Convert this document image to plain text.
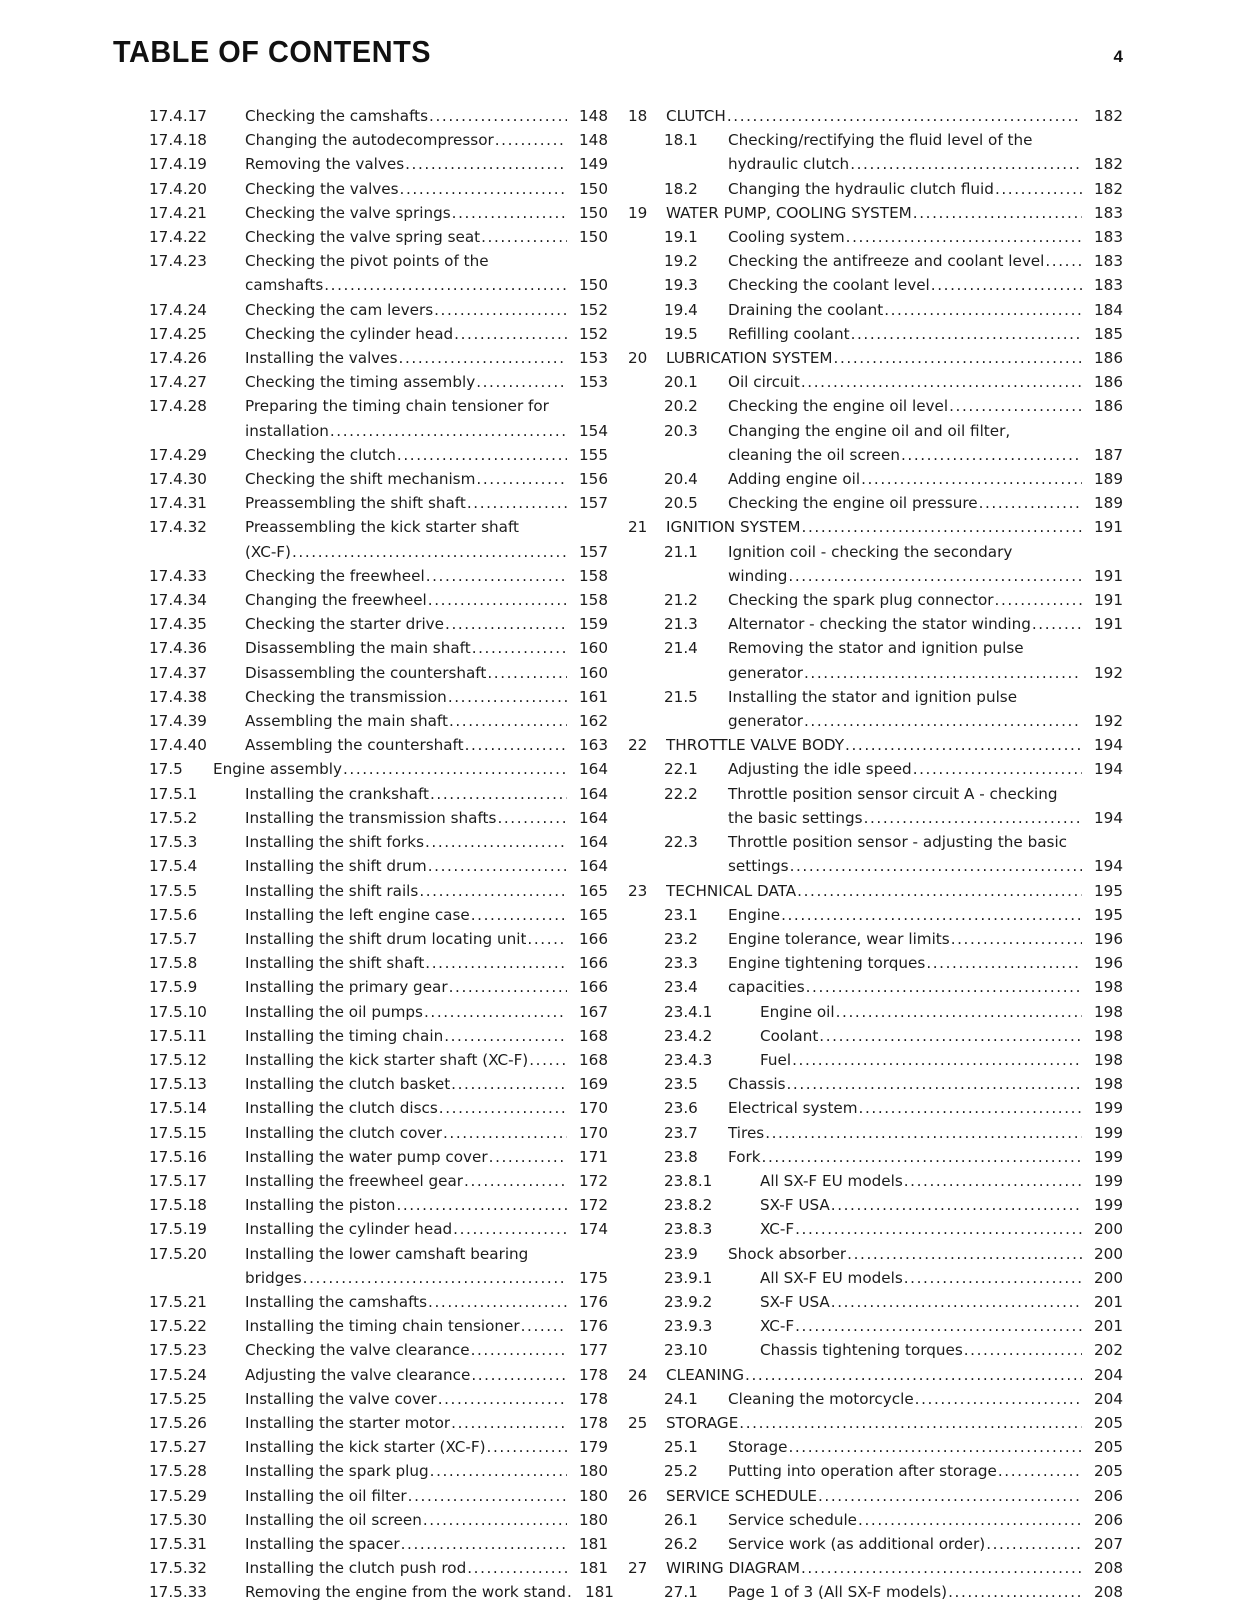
TABLE OF CONTENTS	4
17.4.17	Checking the camshafts .....	148
17.4.18	Changing the autodecompressor .....	148
17.4.19	Removing the valves .....	149
17.4.20	Checking the valves .....	150
17.4.21	Checking the valve springs .....	150
17.4.22	Checking the valve spring seat .....	150
17.4.23	Checking the pivot points of the
camshafts .....	150
17.4.24	Checking the cam levers .....	152
17.4.25	Checking the cylinder head .....	152
17.4.26	Installing the valves .....	153
17.4.27	Checking the timing assembly .....	153
17.4.28	Preparing the timing chain tensioner for
installation .....	154
17.4.29	Checking the clutch .....	155
17.4.30	Checking the shift mechanism .....	156
17.4.31	Preassembling the shift shaft .....	157
17.4.32	Preassembling the kick starter shaft
(XC-F) .....	157
17.4.33	Checking the freewheel .....	158
17.4.34	Changing the freewheel .....	158
17.4.35	Checking the starter drive .....	159
17.4.36	Disassembling the main shaft .....	160
17.4.37	Disassembling the countershaft .....	160
17.4.38	Checking the transmission .....	161
17.4.39	Assembling the main shaft .....	162
17.4.40	Assembling the countershaft .....	163
17.5	Engine assembly .....	164
17.5.1	Installing the crankshaft .....	164
17.5.2	Installing the transmission shafts .....	164
17.5.3	Installing the shift forks .....	164
17.5.4	Installing the shift drum .....	164
17.5.5	Installing the shift rails .....	165
17.5.6	Installing the left engine case .....	165
17.5.7	Installing the shift drum locating unit .....	166
17.5.8	Installing the shift shaft .....	166
17.5.9	Installing the primary gear .....	166
17.5.10	Installing the oil pumps .....	167
17.5.11	Installing the timing chain .....	168
17.5.12	Installing the kick starter shaft (XC-F) .....	168
17.5.13	Installing the clutch basket .....	169
17.5.14	Installing the clutch discs .....	170
17.5.15	Installing the clutch cover .....	170
17.5.16	Installing the water pump cover .....	171
17.5.17	Installing the freewheel gear .....	172
17.5.18	Installing the piston .....	172
17.5.19	Installing the cylinder head .....	174
17.5.20	Installing the lower camshaft bearing
bridges .....	175
17.5.21	Installing the camshafts .....	176
17.5.22	Installing the timing chain tensioner .....	176
17.5.23	Checking the valve clearance .....	177
17.5.24	Adjusting the valve clearance .....	178
17.5.25	Installing the valve cover .....	178
17.5.26	Installing the starter motor .....	178
17.5.27	Installing the kick starter (XC-F) .....	179
17.5.28	Installing the spark plug .....	180
17.5.29	Installing the oil filter .....	180
17.5.30	Installing the oil screen .....	180
17.5.31	Installing the spacer .....	181
17.5.32	Installing the clutch push rod .....	181
17.5.33	Removing the engine from the work stand .....	181
18	CLUTCH .....	182
18.1	Checking/rectifying the fluid level of the
hydraulic clutch .....	182
18.2	Changing the hydraulic clutch fluid .....	182
19	WATER PUMP, COOLING SYSTEM .....	183
19.1	Cooling system .....	183
19.2	Checking the antifreeze and coolant level .....	183
19.3	Checking the coolant level .....	183
19.4	Draining the coolant .....	184
19.5	Refilling coolant .....	185
20	LUBRICATION SYSTEM .....	186
20.1	Oil circuit .....	186
20.2	Checking the engine oil level .....	186
20.3	Changing the engine oil and oil filter,
cleaning the oil screen .....	187
20.4	Adding engine oil .....	189
20.5	Checking the engine oil pressure .....	189
21	IGNITION SYSTEM .....	191
21.1	Ignition coil - checking the secondary
winding .....	191
21.2	Checking the spark plug connector .....	191
21.3	Alternator - checking the stator winding .....	191
21.4	Removing the stator and ignition pulse
generator .....	192
21.5	Installing the stator and ignition pulse
generator .....	192
22	THROTTLE VALVE BODY .....	194
22.1	Adjusting the idle speed .....	194
22.2	Throttle position sensor circuit A - checking
the basic settings .....	194
22.3	Throttle position sensor - adjusting the basic
settings .....	194
23	TECHNICAL DATA .....	195
23.1	Engine .....	195
23.2	Engine tolerance, wear limits .....	196
23.3	Engine tightening torques .....	196
23.4	capacities .....	198
23.4.1	Engine oil .....	198
23.4.2	Coolant .....	198
23.4.3	Fuel .....	198
23.5	Chassis .....	198
23.6	Electrical system .....	199
23.7	Tires .....	199
23.8	Fork .....	199
23.8.1	All SX-F EU models .....	199
23.8.2	SX-F USA .....	199
23.8.3	XC-F .....	200
23.9	Shock absorber .....	200
23.9.1	All SX-F EU models .....	200
23.9.2	SX-F USA .....	201
23.9.3	XC-F .....	201
23.10	Chassis tightening torques .....	202
24	CLEANING .....	204
24.1	Cleaning the motorcycle .....	204
25	STORAGE .....	205
25.1	Storage .....	205
25.2	Putting into operation after storage .....	205
26	SERVICE SCHEDULE .....	206
26.1	Service schedule .....	206
26.2	Service work (as additional order) .....	207
27	WIRING DIAGRAM .....	208
27.1	Page 1 of 3 (All SX-F models) .....	208
